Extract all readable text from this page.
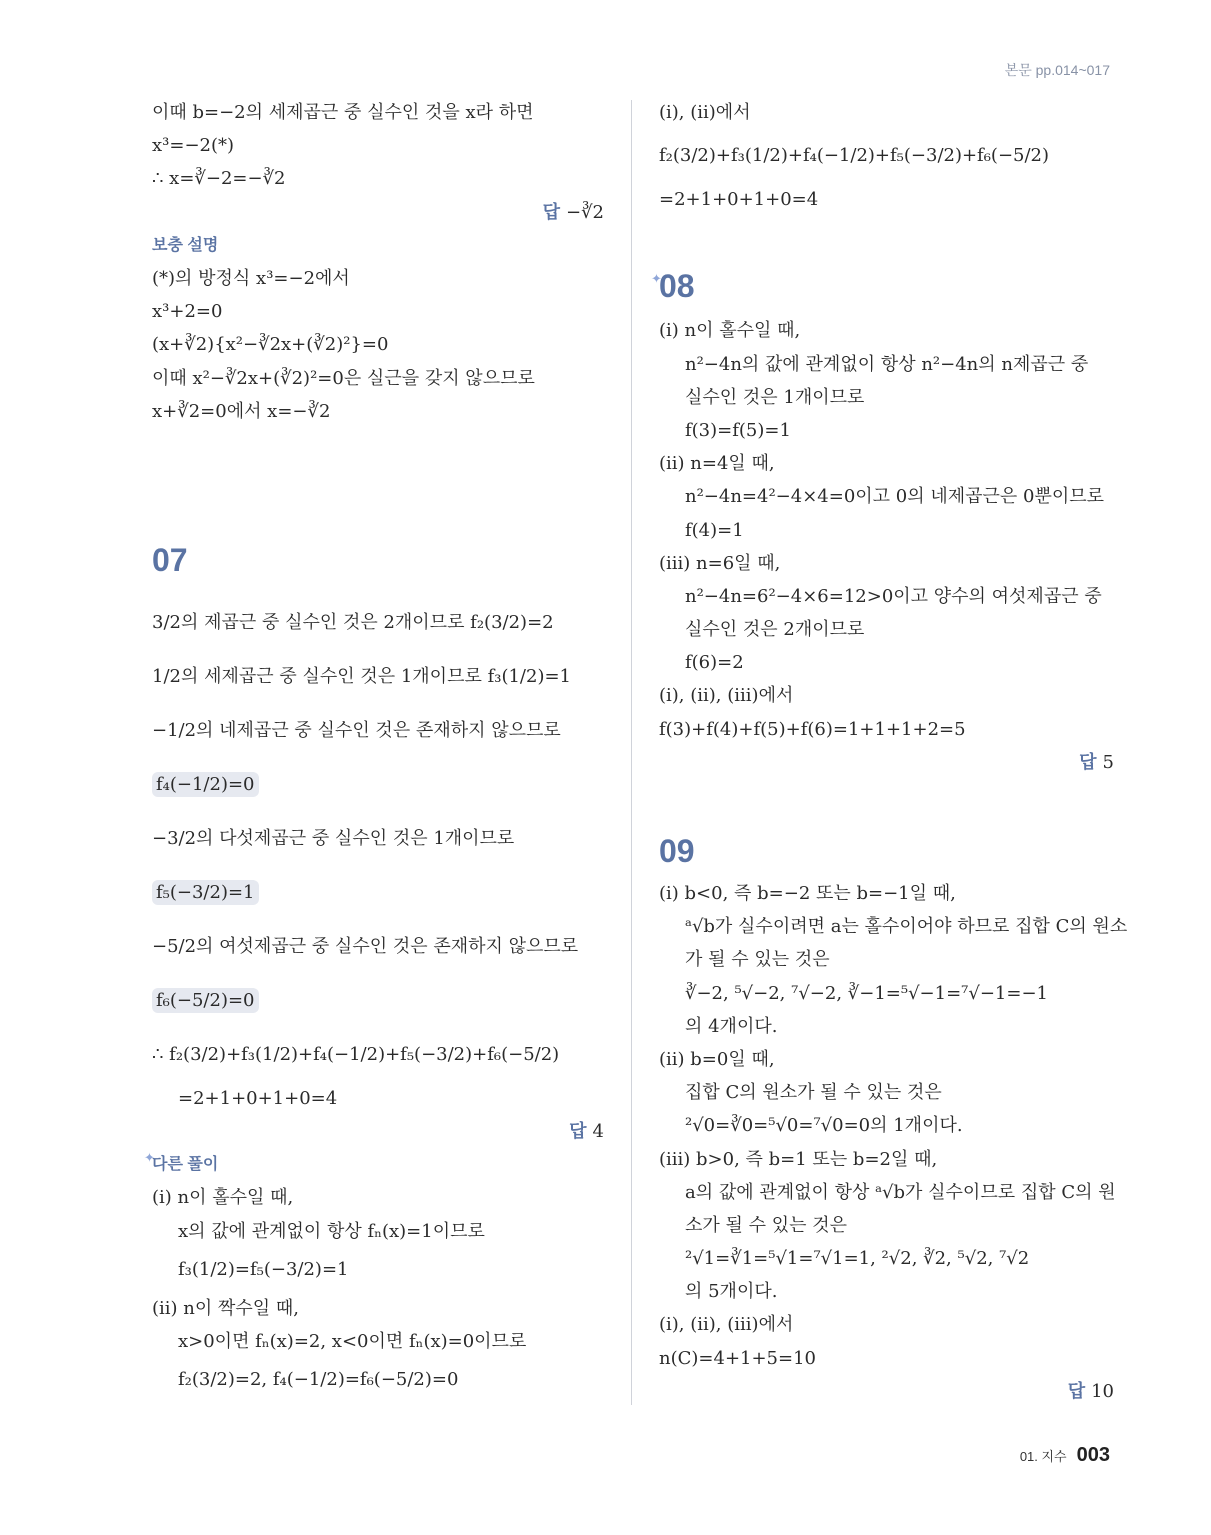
본문 pp.014~017
이때 b=−2의 세제곱근 중 실수인 것을 x라 하면
x³=−2(*)
∴ x=∛−2=−∛2
답 −∛2
보충 설명
(*)의 방정식 x³=−2에서
x³+2=0
(x+∛2){x²−∛2x+(∛2)²}=0
이때 x²−∛2x+(∛2)²=0은 실근을 갖지 않으므로
x+∛2=0에서 x=−∛2
07
3/2의 제곱근 중 실수인 것은 2개이므로 f₂(3/2)=2
1/2의 세제곱근 중 실수인 것은 1개이므로 f₃(1/2)=1
−1/2의 네제곱근 중 실수인 것은 존재하지 않으므로
f₄(−1/2)=0
−3/2의 다섯제곱근 중 실수인 것은 1개이므로
f₅(−3/2)=1
−5/2의 여섯제곱근 중 실수인 것은 존재하지 않으므로
f₆(−5/2)=0
∴ f₂(3/2)+f₃(1/2)+f₄(−1/2)+f₅(−3/2)+f₆(−5/2)
=2+1+0+1+0=4
답 4
✦
다른 풀이
(ⅰ) n이 홀수일 때,
x의 값에 관계없이 항상 fₙ(x)=1이므로
f₃(1/2)=f₅(−3/2)=1
(ⅱ) n이 짝수일 때,
x>0이면 fₙ(x)=2, x<0이면 fₙ(x)=0이므로
f₂(3/2)=2, f₄(−1/2)=f₆(−5/2)=0
(ⅰ), (ⅱ)에서
f₂(3/2)+f₃(1/2)+f₄(−1/2)+f₅(−3/2)+f₆(−5/2)
=2+1+0+1+0=4
✦
08
(ⅰ) n이 홀수일 때,
n²−4n의 값에 관계없이 항상 n²−4n의 n제곱근 중
실수인 것은 1개이므로
f(3)=f(5)=1
(ⅱ) n=4일 때,
n²−4n=4²−4×4=0이고 0의 네제곱근은 0뿐이므로
f(4)=1
(ⅲ) n=6일 때,
n²−4n=6²−4×6=12>0이고 양수의 여섯제곱근 중
실수인 것은 2개이므로
f(6)=2
(ⅰ), (ⅱ), (ⅲ)에서
f(3)+f(4)+f(5)+f(6)=1+1+1+2=5
답 5
09
(ⅰ) b<0, 즉 b=−2 또는 b=−1일 때,
ᵃ√b가 실수이려면 a는 홀수이어야 하므로 집합 C의 원소
가 될 수 있는 것은
∛−2, ⁵√−2, ⁷√−2, ∛−1=⁵√−1=⁷√−1=−1
의 4개이다.
(ⅱ) b=0일 때,
집합 C의 원소가 될 수 있는 것은
²√0=∛0=⁵√0=⁷√0=0의 1개이다.
(ⅲ) b>0, 즉 b=1 또는 b=2일 때,
a의 값에 관계없이 항상 ᵃ√b가 실수이므로 집합 C의 원
소가 될 수 있는 것은
²√1=∛1=⁵√1=⁷√1=1, ²√2, ∛2, ⁵√2, ⁷√2
의 5개이다.
(ⅰ), (ⅱ), (ⅲ)에서
n(C)=4+1+5=10
답 10
01. 지수 003
